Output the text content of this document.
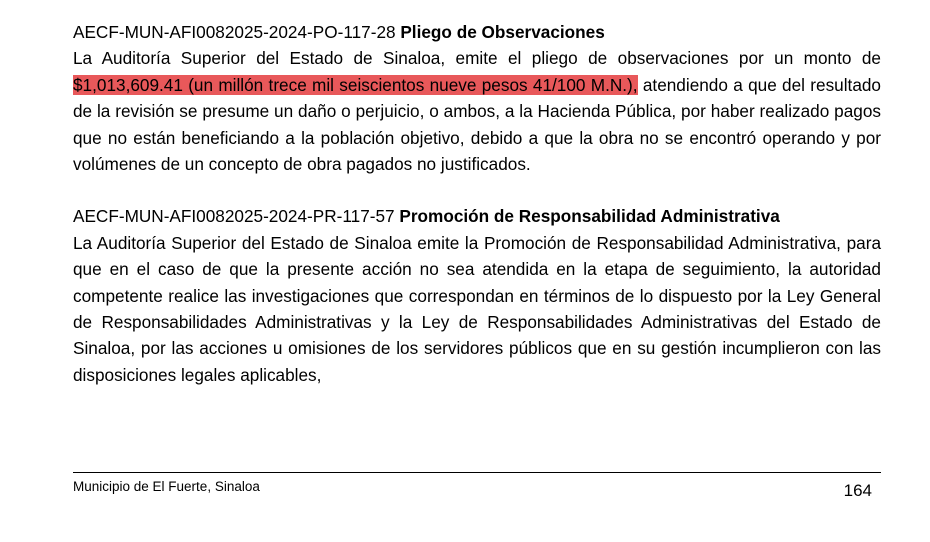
AECF-MUN-AFI0082025-2024-PO-117-28 Pliego de Observaciones
La Auditoría Superior del Estado de Sinaloa, emite el pliego de observaciones por un monto de $1,013,609.41 (un millón trece mil seiscientos nueve pesos 41/100 M.N.), atendiendo a que del resultado de la revisión se presume un daño o perjuicio, o ambos, a la Hacienda Pública, por haber realizado pagos que no están beneficiando a la población objetivo, debido a que la obra no se encontró operando y por volúmenes de un concepto de obra pagados no justificados.
AECF-MUN-AFI0082025-2024-PR-117-57 Promoción de Responsabilidad Administrativa
La Auditoría Superior del Estado de Sinaloa emite la Promoción de Responsabilidad Administrativa, para que en el caso de que la presente acción no sea atendida en la etapa de seguimiento, la autoridad competente realice las investigaciones que correspondan en términos de lo dispuesto por la Ley General de Responsabilidades Administrativas y la Ley de Responsabilidades Administrativas del Estado de Sinaloa, por las acciones u omisiones de los servidores públicos que en su gestión incumplieron con las disposiciones legales aplicables,
Municipio de El Fuerte, Sinaloa	164
